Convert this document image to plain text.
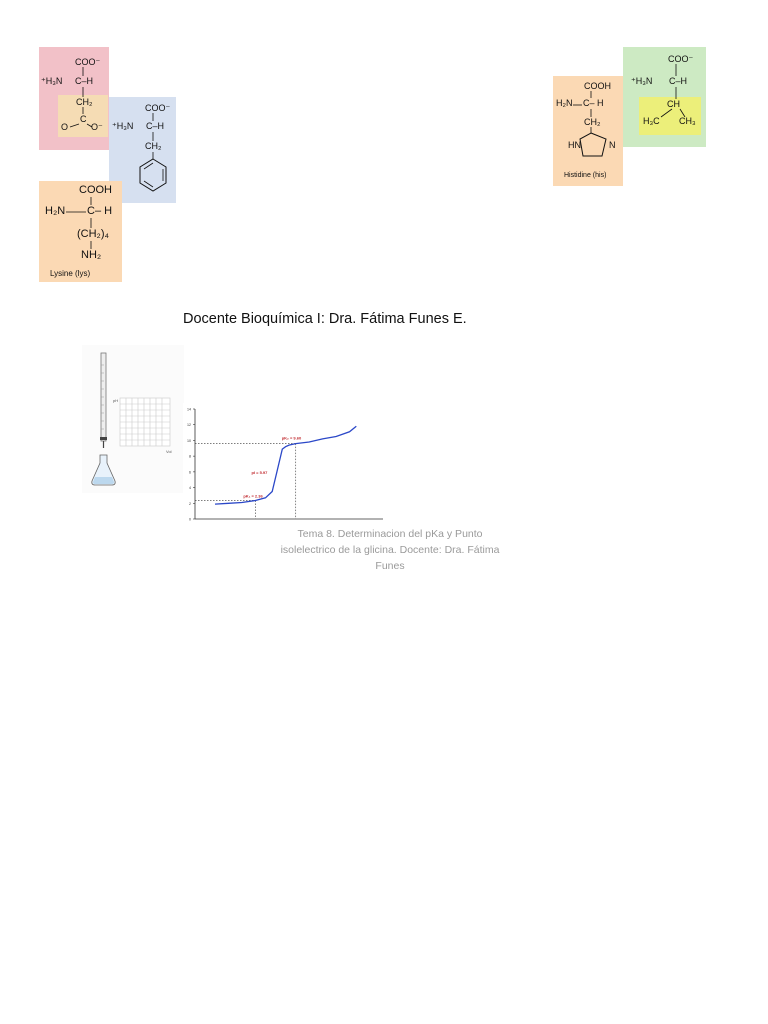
COO⁻
⁺H₃N C–H
CH₂
C
O	O⁻
COO⁻
⁺H₃N C–H
CH₂
COOH
H₂N C– H
(CH₂)₄
NH₂
Lysine (lys)
COOH
H₂N C– H
CH₂
HN	N
Histidine (his)
COO⁻
⁺H₃N C–H
CH
H₃C CH₃
Docente Bioquímica I: Dra. Fátima Funes E.
pH
Vol
14
12
10
8
6
4
2
0
pK₁ = 2.36
pI = 5.97
pK₂ = 9.60
Tema 8. Determinacion del pKa y Punto isolelectrico de la glicina. Docente: Dra. Fátima Funes
